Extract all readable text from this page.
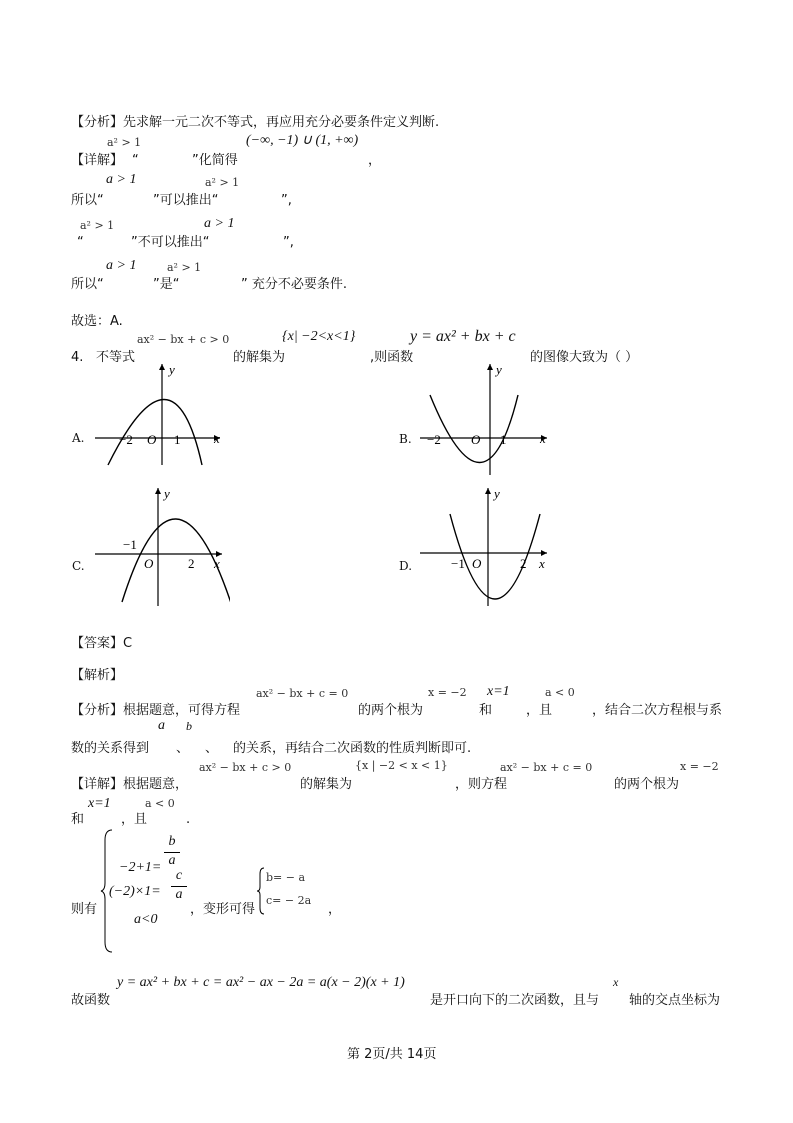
【分析】先求解一元二次不等式，再应用充分必要条件定义判断.
a² > 1	(−∞, −1) ∪ (1, +∞)
【详解】 “	”化简得	，
a > 1	a² > 1
所以“	”可以推出“	”,
a² > 1	a > 1
“	”不可以推出“	”,
a > 1	a² > 1
所以“	”是“	” 充分不必要条件.
故选：A.
ax² − bx + c > 0	{x| −2<x<1}	y = ax² + bx + c
4. 不等式	的解集为	,则函数	的图像大致为（ ）
A.	−2 O 1	x
y
B. −2 O 1	x
y
C.
−1
O	2 x
y
D.	−1 O	2 x
y
【答案】C
【解析】
ax² − bx + c = 0	x = −2 x=1	a < 0
【分析】根据题意，可得方程	的两个根为	和	，且	，结合二次方程根与系
a b
数的关系得到 、 、 的关系，再结合二次函数的性质判断即可.
ax² − bx + c > 0	{x | −2 < x < 1}	ax² − bx + c = 0	x = −2
【详解】根据题意，	的解集为	，则方程	的两个根为
x=1	a < 0
和	，且	.
−2+1=
b
则有	，变形可得
b= − a
c= − 2a
，
y = ax² + bx + c = ax² − ax − 2a = a(x − 2)(x + 1)	x
故函数	是开口向下的二次函数，且与 轴的交点坐标为
第 2页/共 14页
a
(−2)×1=
c
a
a<0
